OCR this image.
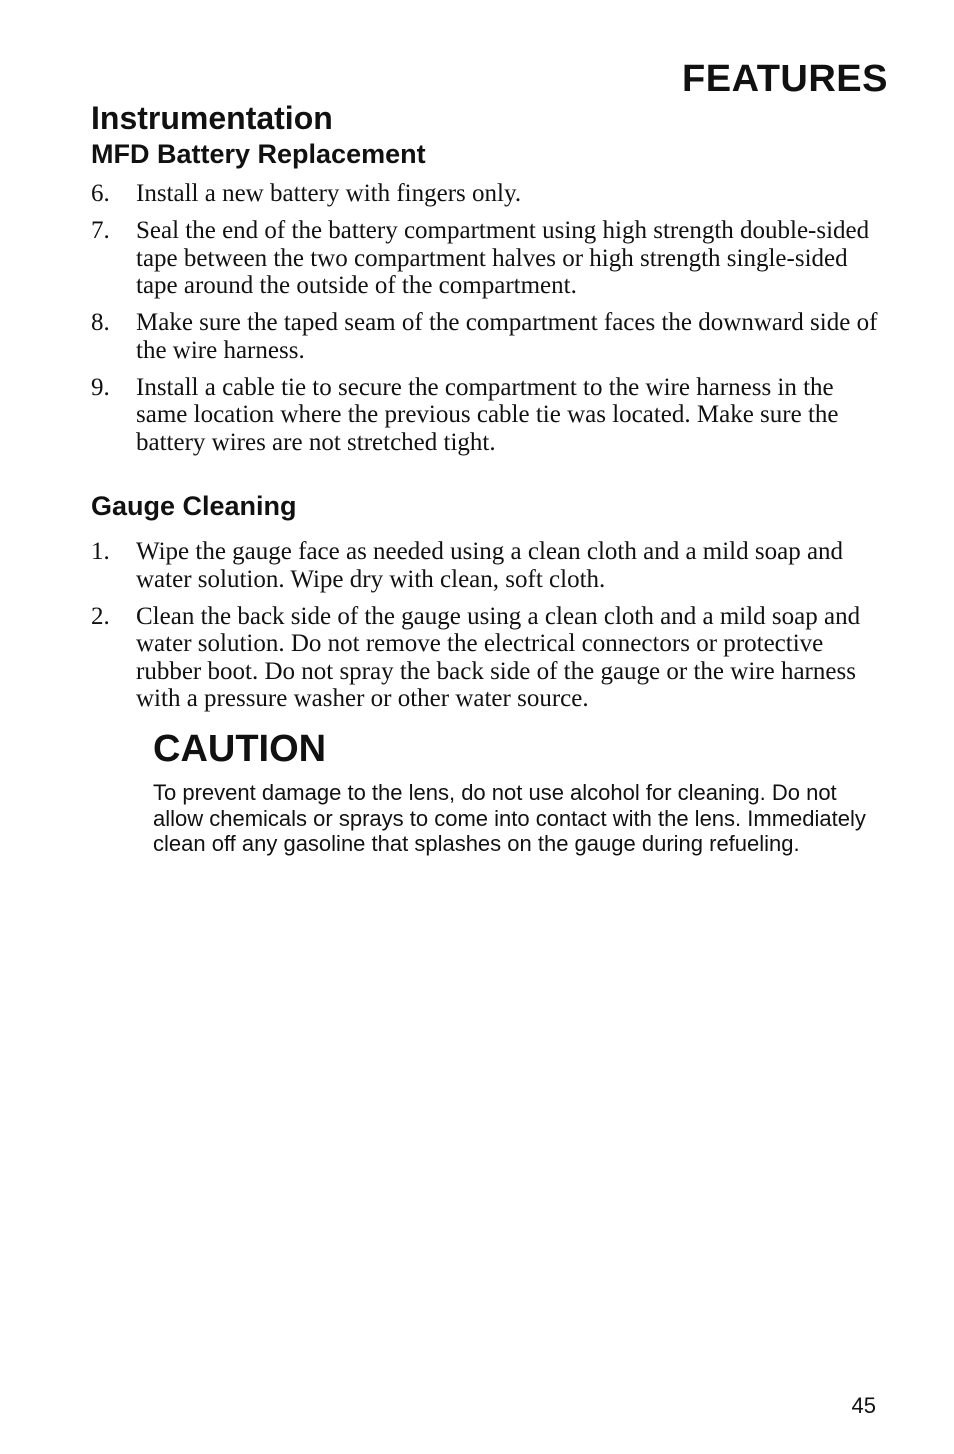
FEATURES
Instrumentation
MFD Battery Replacement
6. Install a new battery with fingers only.
7. Seal the end of the battery compartment using high strength double-sided tape between the two compartment halves or high strength single-sided tape around the outside of the compartment.
8. Make sure the taped seam of the compartment faces the downward side of the wire harness.
9. Install a cable tie to secure the compartment to the wire harness in the same location where the previous cable tie was located. Make sure the battery wires are not stretched tight.
Gauge Cleaning
1. Wipe the gauge face as needed using a clean cloth and a mild soap and water solution. Wipe dry with clean, soft cloth.
2. Clean the back side of the gauge using a clean cloth and a mild soap and water solution. Do not remove the electrical connectors or protective rubber boot. Do not spray the back side of the gauge or the wire harness with a pressure washer or other water source.
CAUTION

To prevent damage to the lens, do not use alcohol for cleaning. Do not allow chemicals or sprays to come into contact with the lens. Immediately clean off any gasoline that splashes on the gauge during refueling.

45
